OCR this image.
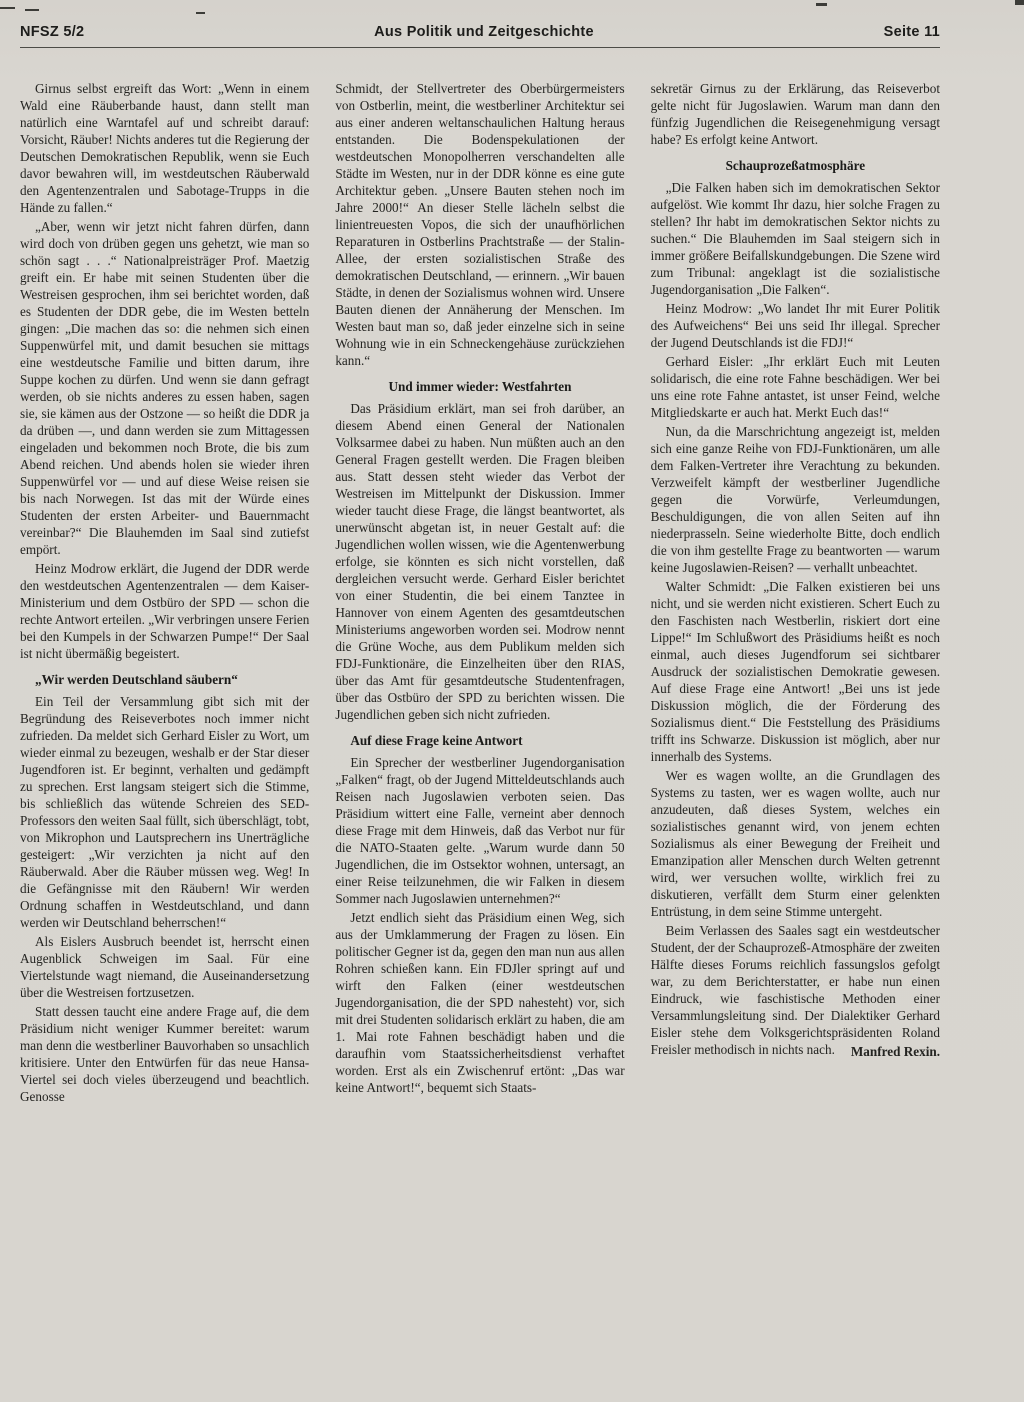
NFSZ 5/2	Aus Politik und Zeitgeschichte	Seite 11

Girnus selbst ergreift das Wort: „Wenn in einem Wald eine Räuberbande haust, dann stellt man natürlich eine Warntafel auf und schreibt darauf: Vorsicht, Räuber! Nichts anderes tut die Regierung der Deutschen Demokratischen Republik, wenn sie Euch davor bewahren will, im westdeutschen Räuberwald den Agentenzentralen und Sabotage-Trupps in die Hände zu fallen.“

„Aber, wenn wir jetzt nicht fahren dürfen, dann wird doch von drüben gegen uns gehetzt, wie man so schön sagt . . .“ Nationalpreisträger Prof. Maetzig greift ein. Er habe mit seinen Studenten über die Westreisen gesprochen, ihm sei berichtet worden, daß es Studenten der DDR gebe, die im Westen betteln gingen: „Die machen das so: die nehmen sich einen Suppenwürfel mit, und damit besuchen sie mittags eine westdeutsche Familie und bitten darum, ihre Suppe kochen zu dürfen. Und wenn sie dann gefragt werden, ob sie nichts anderes zu essen haben, sagen sie, sie kämen aus der Ostzone — so heißt die DDR ja da drüben —, und dann werden sie zum Mittagessen eingeladen und bekommen noch Brote, die bis zum Abend reichen. Und abends holen sie wieder ihren Suppenwürfel vor — und auf diese Weise reisen sie bis nach Norwegen. Ist das mit der Würde eines Studenten der ersten Arbeiter- und Bauernmacht vereinbar?“ Die Blauhemden im Saal sind zutiefst empört.

Heinz Modrow erklärt, die Jugend der DDR werde den westdeutschen Agentenzentralen — dem Kaiser-Ministerium und dem Ostbüro der SPD — schon die rechte Antwort erteilen. „Wir verbringen unsere Ferien bei den Kumpels in der Schwarzen Pumpe!“ Der Saal ist nicht übermäßig begeistert.

„Wir werden Deutschland säubern“

Ein Teil der Versammlung gibt sich mit der Begründung des Reiseverbotes noch immer nicht zufrieden. Da meldet sich Gerhard Eisler zu Wort, um wieder einmal zu bezeugen, weshalb er der Star dieser Jugendforen ist. Er beginnt, verhalten und gedämpft zu sprechen. Erst langsam steigert sich die Stimme, bis schließlich das wütende Schreien des SED-Professors den weiten Saal füllt, sich überschlägt, tobt, von Mikrophon und Lautsprechern ins Unerträgliche gesteigert: „Wir verzichten ja nicht auf den Räuberwald. Aber die Räuber müssen weg. Weg! In die Gefängnisse mit den Räubern! Wir werden Ordnung schaffen in Westdeutschland, und dann werden wir Deutschland beherrschen!“

Als Eislers Ausbruch beendet ist, herrscht einen Augenblick Schweigen im Saal. Für eine Viertelstunde wagt niemand, die Auseinandersetzung über die Westreisen fortzusetzen.

Statt dessen taucht eine andere Frage auf, die dem Präsidium nicht weniger Kummer bereitet: warum man denn die westberliner Bauvorhaben so unsachlich kritisiere. Unter den Entwürfen für das neue Hansa-Viertel sei doch vieles überzeugend und beachtlich. Genosse

Schmidt, der Stellvertreter des Oberbürgermeisters von Ostberlin, meint, die westberliner Architektur sei aus einer anderen weltanschaulichen Haltung heraus entstanden. Die Bodenspekulationen der westdeutschen Monopolherren verschandelten alle Städte im Westen, nur in der DDR könne es eine gute Architektur geben. „Unsere Bauten stehen noch im Jahre 2000!“ An dieser Stelle lächeln selbst die linientreuesten Vopos, die sich der unaufhörlichen Reparaturen in Ostberlins Prachtstraße — der Stalin-Allee, der ersten sozialistischen Straße des demokratischen Deutschland, — erinnern. „Wir bauen Städte, in denen der Sozialismus wohnen wird. Unsere Bauten dienen der Annäherung der Menschen. Im Westen baut man so, daß jeder einzelne sich in seine Wohnung wie in ein Schneckengehäuse zurückziehen kann.“

Und immer wieder: Westfahrten

Das Präsidium erklärt, man sei froh darüber, an diesem Abend einen General der Nationalen Volksarmee dabei zu haben. Nun müßten auch an den General Fragen gestellt werden. Die Fragen bleiben aus. Statt dessen steht wieder das Verbot der Westreisen im Mittelpunkt der Diskussion. Immer wieder taucht diese Frage, die längst beantwortet, als unerwünscht abgetan ist, in neuer Gestalt auf: die Jugendlichen wollen wissen, wie die Agentenwerbung erfolge, sie könnten es sich nicht vorstellen, daß dergleichen versucht werde. Gerhard Eisler berichtet von einer Studentin, die bei einem Tanztee in Hannover von einem Agenten des gesamtdeutschen Ministeriums angeworben worden sei. Modrow nennt die Grüne Woche, aus dem Publikum melden sich FDJ-Funktionäre, die Einzelheiten über den RIAS, über das Amt für gesamtdeutsche Studentenfragen, über das Ostbüro der SPD zu berichten wissen. Die Jugendlichen geben sich nicht zufrieden.

Auf diese Frage keine Antwort

Ein Sprecher der westberliner Jugendorganisation „Falken“ fragt, ob der Jugend Mitteldeutschlands auch Reisen nach Jugoslawien verboten seien. Das Präsidium wittert eine Falle, verneint aber dennoch diese Frage mit dem Hinweis, daß das Verbot nur für die NATO-Staaten gelte. „Warum wurde dann 50 Jugendlichen, die im Ostsektor wohnen, untersagt, an einer Reise teilzunehmen, die wir Falken in diesem Sommer nach Jugoslawien unternehmen?“

Jetzt endlich sieht das Präsidium einen Weg, sich aus der Umklammerung der Fragen zu lösen. Ein politischer Gegner ist da, gegen den man nun aus allen Rohren schießen kann. Ein FDJler springt auf und wirft den Falken (einer westdeutschen Jugendorganisation, die der SPD nahesteht) vor, sich mit drei Studenten solidarisch erklärt zu haben, die am 1. Mai rote Fahnen beschädigt haben und die daraufhin vom Staatssicherheitsdienst verhaftet worden. Erst als ein Zwischenruf ertönt: „Das war keine Antwort!“, bequemt sich Staats-

sekretär Girnus zu der Erklärung, das Reiseverbot gelte nicht für Jugoslawien. Warum man dann den fünfzig Jugendlichen die Reisegenehmigung versagt habe? Es erfolgt keine Antwort.

Schauprozeßatmosphäre

„Die Falken haben sich im demokratischen Sektor aufgelöst. Wie kommt Ihr dazu, hier solche Fragen zu stellen? Ihr habt im demokratischen Sektor nichts zu suchen.“ Die Blauhemden im Saal steigern sich in immer größere Beifallskundgebungen. Die Szene wird zum Tribunal: angeklagt ist die sozialistische Jugendorganisation „Die Falken“.

Heinz Modrow: „Wo landet Ihr mit Eurer Politik des Aufweichens“ Bei uns seid Ihr illegal. Sprecher der Jugend Deutschlands ist die FDJ!“

Gerhard Eisler: „Ihr erklärt Euch mit Leuten solidarisch, die eine rote Fahne beschädigen. Wer bei uns eine rote Fahne antastet, ist unser Feind, welche Mitgliedskarte er auch hat. Merkt Euch das!“

Nun, da die Marschrichtung angezeigt ist, melden sich eine ganze Reihe von FDJ-Funktionären, um alle dem Falken-Vertreter ihre Verachtung zu bekunden. Verzweifelt kämpft der westberliner Jugendliche gegen die Vorwürfe, Verleumdungen, Beschuldigungen, die von allen Seiten auf ihn niederprasseln. Seine wiederholte Bitte, doch endlich die von ihm gestellte Frage zu beantworten — warum keine Jugoslawien-Reisen? — verhallt unbeachtet.

Walter Schmidt: „Die Falken existieren bei uns nicht, und sie werden nicht existieren. Schert Euch zu den Faschisten nach Westberlin, riskiert dort eine Lippe!“ Im Schlußwort des Präsidiums heißt es noch einmal, auch dieses Jugendforum sei sichtbarer Ausdruck der sozialistischen Demokratie gewesen. Auf diese Frage eine Antwort! „Bei uns ist jede Diskussion möglich, die der Förderung des Sozialismus dient.“ Die Feststellung des Präsidiums trifft ins Schwarze. Diskussion ist möglich, aber nur innerhalb des Systems.

Wer es wagen wollte, an die Grundlagen des Systems zu tasten, wer es wagen wollte, auch nur anzudeuten, daß dieses System, welches ein sozialistisches genannt wird, von jenem echten Sozialismus als einer Bewegung der Freiheit und Emanzipation aller Menschen durch Welten getrennt wird, wer versuchen wollte, wirklich frei zu diskutieren, verfällt dem Sturm einer gelenkten Entrüstung, in dem seine Stimme untergeht.

Beim Verlassen des Saales sagt ein westdeutscher Student, der der Schauprozeß-Atmosphäre der zweiten Hälfte dieses Forums reichlich fassungslos gefolgt war, zu dem Berichterstatter, er habe nun einen Eindruck, wie faschistische Methoden einer Versammlungsleitung sind. Der Dialektiker Gerhard Eisler stehe dem Volksgerichtspräsidenten Roland Freisler methodisch in nichts nach.	Manfred Rexin.
